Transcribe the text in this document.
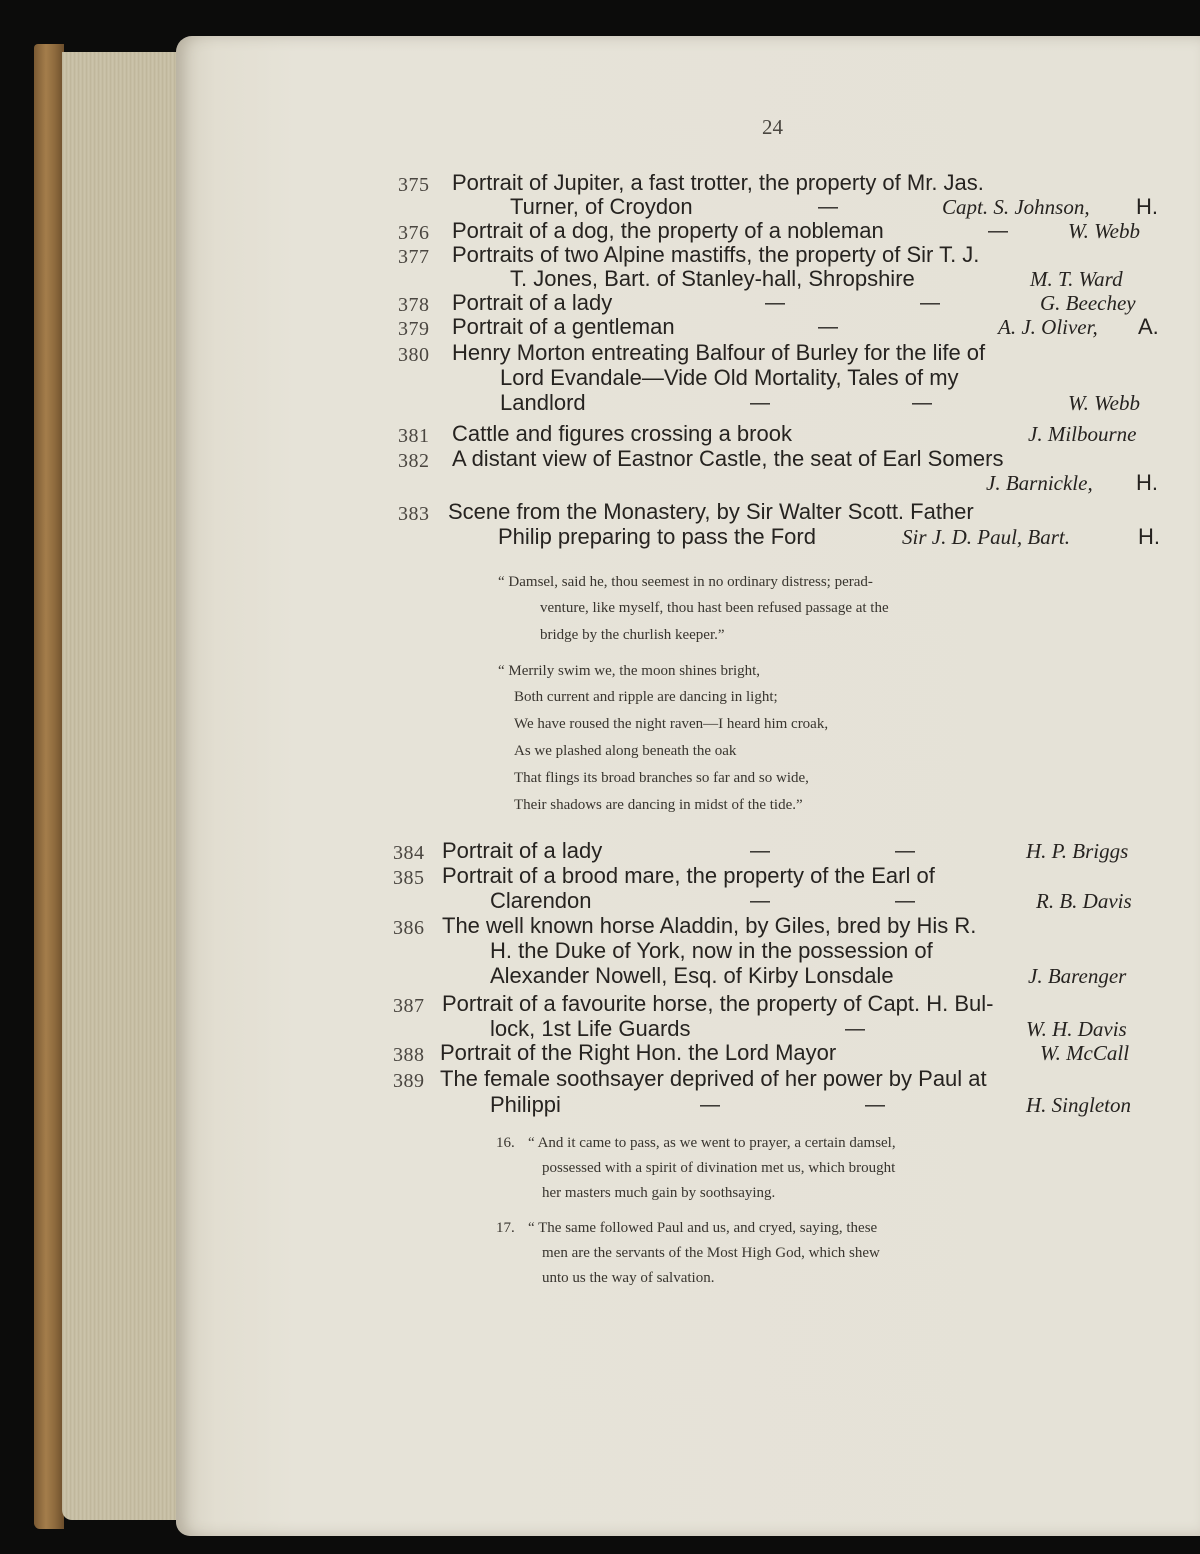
24
375 Portrait of Jupiter, a fast trotter, the property of Mr. Jas.
Turner, of Croydon	—	Capt. S. Johnson, H.
376 Portrait of a dog, the property of a nobleman	—	W. Webb
377 Portraits of two Alpine mastiffs, the property of Sir T. J.
T. Jones, Bart. of Stanley-hall, Shropshire	M. T. Ward
378 Portrait of a lady	—	—	G. Beechey
379 Portrait of a gentleman	—	A. J. Oliver, A.
380 Henry Morton entreating Balfour of Burley for the life of
Lord Evandale—Vide Old Mortality, Tales of my
Landlord	—	—	W. Webb
381 Cattle and figures crossing a brook	J. Milbourne
382 A distant view of Eastnor Castle, the seat of Earl Somers
J. Barnickle, H.
383 Scene from the Monastery, by Sir Walter Scott. Father
Philip preparing to pass the Ford	Sir J. D. Paul, Bart.	H.
“ Damsel, said he, thou seemest in no ordinary distress; perad-
venture, like myself, thou hast been refused passage at the
bridge by the churlish keeper.”
“ Merrily swim we, the moon shines bright,
Both current and ripple are dancing in light;
We have roused the night raven—I heard him croak,
As we plashed along beneath the oak
That flings its broad branches so far and so wide,
Their shadows are dancing in midst of the tide.”
384 Portrait of a lady	—	—	H. P. Briggs
385 Portrait of a brood mare, the property of the Earl of
Clarendon	—	—	R. B. Davis
386 The well known horse Aladdin, by Giles, bred by His R.
H. the Duke of York, now in the possession of
Alexander Nowell, Esq. of Kirby Lonsdale	J. Barenger
387 Portrait of a favourite horse, the property of Capt. H. Bul-
lock, 1st Life Guards	—	W. H. Davis
388 Portrait of the Right Hon. the Lord Mayor	W. McCall
389 The female soothsayer deprived of her power by Paul at
Philippi	—	—	H. Singleton
16. “ And it came to pass, as we went to prayer, a certain damsel,
possessed with a spirit of divination met us, which brought
her masters much gain by soothsaying.
17. “ The same followed Paul and us, and cryed, saying, these
men are the servants of the Most High God, which shew
unto us the way of salvation.
